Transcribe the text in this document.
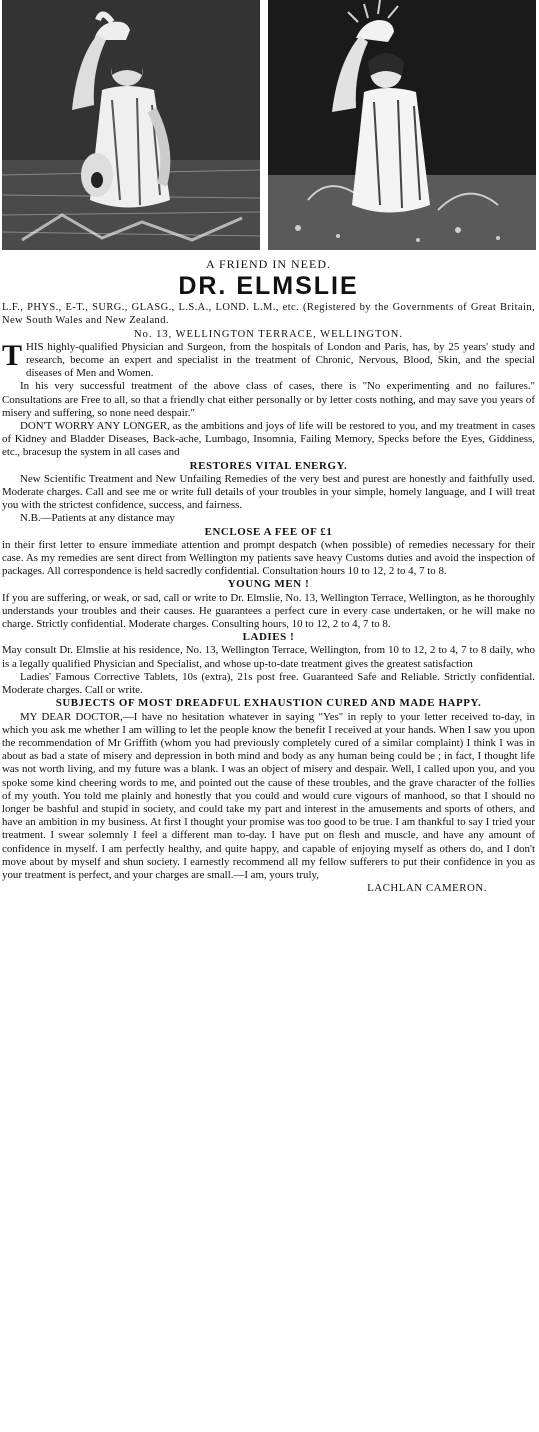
A FRIEND IN NEED.

DR. ELMSLIE

L.F., PHYS., E-T., SURG., GLASG., L.S.A., LOND. L.M., etc. (Registered by the Governments of Great Britain, New South Wales and New Zealand.

No. 13, WELLINGTON TERRACE, WELLINGTON.

THIS highly-qualified Physician and Surgeon, from the hospitals of London and Paris, has, by 25 years' study and research, become an expert and specialist in the treatment of Chronic, Nervous, Blood, Skin, and the special diseases of Men and Women.

In his very successful treatment of the above class of cases, there is "No experimenting and no failures." Consultations are Free to all, so that a friendly chat either personally or by letter costs nothing, and may save you years of misery and suffering, so none need despair."

DON'T WORRY ANY LONGER, as the ambitions and joys of life will be restored to you, and my treatment in cases of Kidney and Bladder Diseases, Back-ache, Lumbago, Insomnia, Failing Memory, Specks before the Eyes, Giddiness, etc., bracesup the system in all cases and

RESTORES VITAL ENERGY.

New Scientific Treatment and New Unfailing Remedies of the very best and purest are honestly and faithfully used. Moderate charges. Call and see me or write full details of your troubles in your simple, homely language, and I will treat you with the strictest confidence, success, and fairness.

N.B.—Patients at any distance may

ENCLOSE A FEE OF £1

in their first letter to ensure immediate attention and prompt despatch (when possible) of remedies necessary for their case. As my remedies are sent direct from Wellington my patients save heavy Customs duties and avoid the inspection of packages. All correspondence is held sacredly confidential. Consultation hours 10 to 12, 2 to 4, 7 to 8.

YOUNG MEN !

If you are suffering, or weak, or sad, call or write to Dr. Elmslie, No. 13, Wellington Terrace, Wellington, as he thoroughly understands your troubles and their causes. He guarantees a perfect cure in every case undertaken, or he will make no charge. Strictly confidential. Moderate charges. Consulting hours, 10 to 12, 2 to 4, 7 to 8.

LADIES !

May consult Dr. Elmslie at his residence, No. 13, Wellington Terrace, Wellington, from 10 to 12, 2 to 4, 7 to 8 daily, who is a legally qualified Physician and Specialist, and whose up-to-date treatment gives the greatest satisfaction

Ladies' Famous Corrective Tablets, 10s (extra), 21s post free. Guaranteed Safe and Reliable. Strictly confidential. Moderate charges. Call or write.

SUBJECTS OF MOST DREADFUL EXHAUSTION CURED AND MADE HAPPY.

MY DEAR DOCTOR,—I have no hesitation whatever in saying "Yes" in reply to your letter received to-day, in which you ask me whether I am willing to let the people know the benefit I received at your hands. When I saw you upon the recommendation of Mr Griffith (whom you had previously completely cured of a similar complaint) I think I was in about as bad a state of misery and depression in both mind and body as any human being could be ; in fact, I thought life was not worth living, and my future was a blank. I was an object of misery and despair. Well, I called upon you, and you spoke some kind cheering words to me, and pointed out the cause of these troubles, and the grave character of the follies of my youth. You told me plainly and honestly that you could and would cure vigours of manhood, so that I should no longer be bashful and stupid in society, and could take my part and interest in the amusements and sports of others, and have an ambition in my business. At first I thought your promise was too good to be true. I am thankful to say I tried your treatment. I swear solemnly I feel a different man to-day. I have put on flesh and muscle, and have any amount of confidence in myself. I am perfectly healthy, and quite happy, and capable of enjoying myself as others do, and I don't move about by myself and shun society. I earnestly recommend all my fellow sufferers to put their confidence in you as your treatment is perfect, and your charges are small.—I am, yours truly,

LACHLAN CAMERON.
